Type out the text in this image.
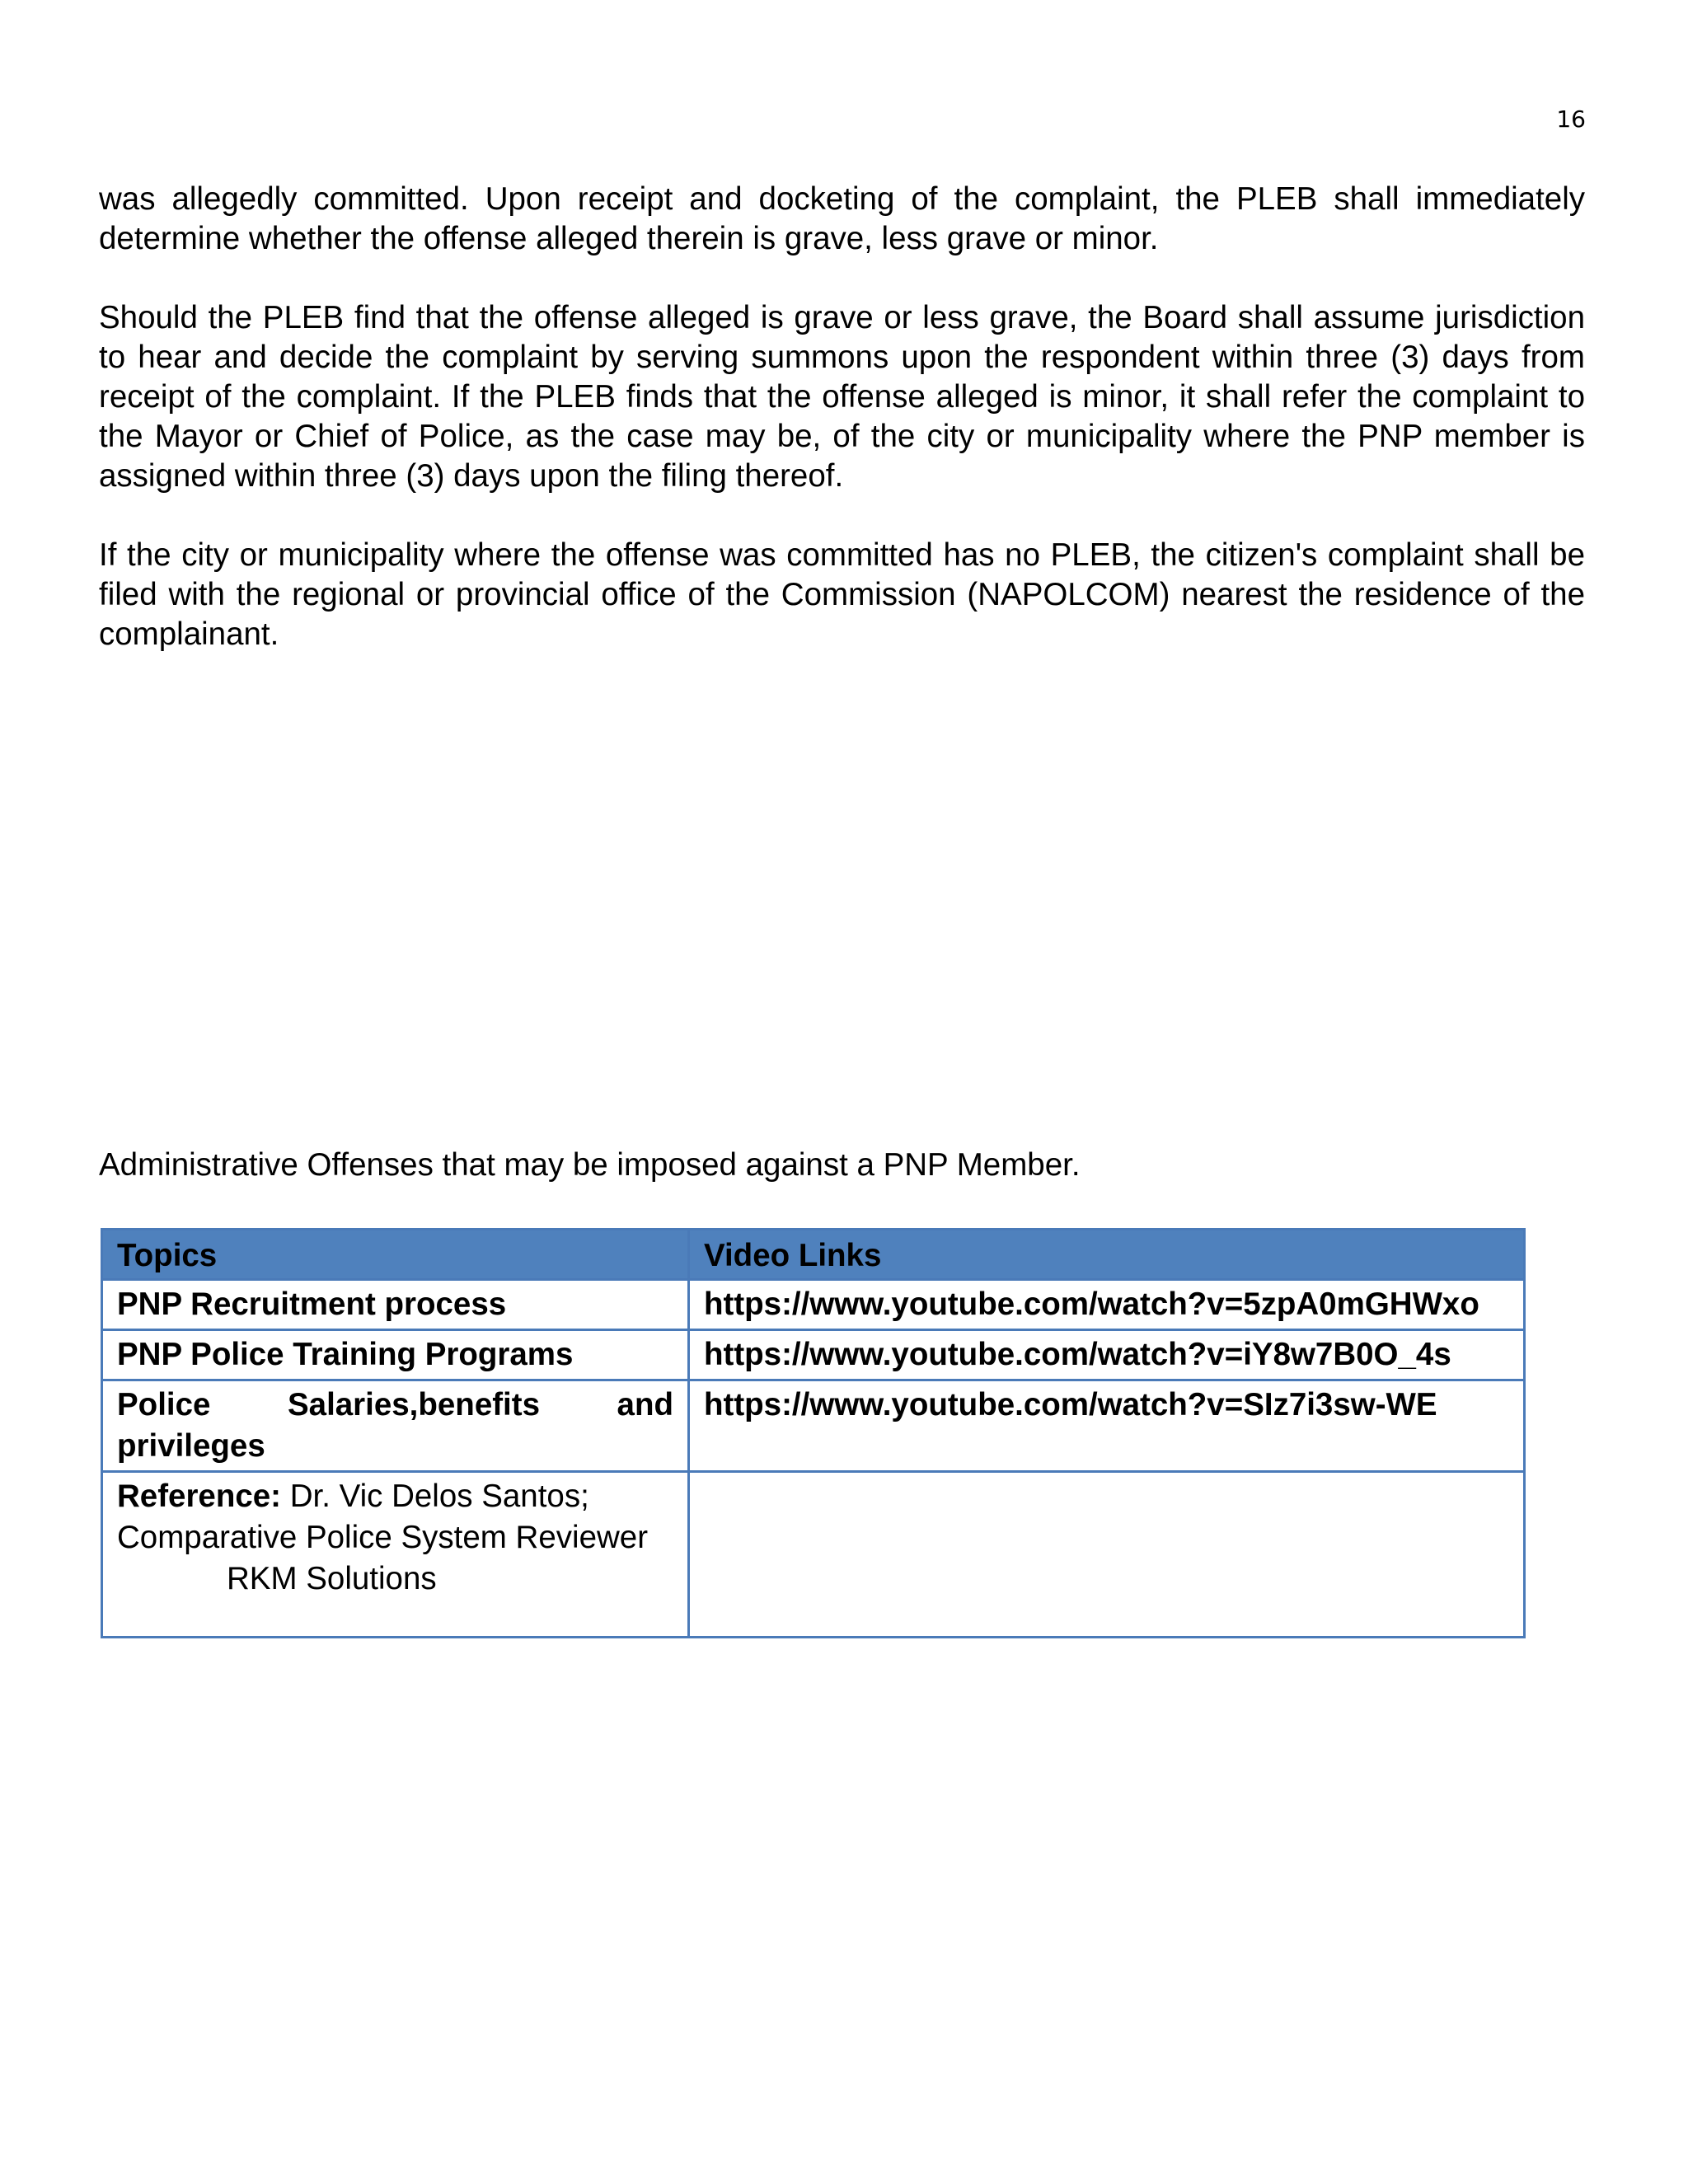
16

was allegedly committed. Upon receipt and docketing of the complaint, the PLEB shall immediately determine whether the offense alleged therein is grave, less grave or minor.

Should the PLEB find that the offense alleged is grave or less grave, the Board shall assume jurisdiction to hear and decide the complaint by serving summons upon the respondent within three (3) days from receipt of the complaint. If the PLEB finds that the offense alleged is minor, it shall refer the complaint to the Mayor or Chief of Police, as the case may be, of the city or municipality where the PNP member is assigned within three (3) days upon the filing thereof.

If the city or municipality where the offense was committed has no PLEB, the citizen's complaint shall be filed with the regional or provincial office of the Commission (NAPOLCOM) nearest the residence of the complainant.

Administrative Offenses that may be imposed against a PNP Member.

Topics	Video Links
PNP Recruitment process	https://www.youtube.com/watch?v=5zpA0mGHWxo
PNP Police Training Programs	https://www.youtube.com/watch?v=iY8w7B0O_4s
Police Salaries,benefits and privileges	https://www.youtube.com/watch?v=SIz7i3sw-WE
Reference: Dr. Vic Delos Santos;
Comparative Police System Reviewer
RKM Solutions	
